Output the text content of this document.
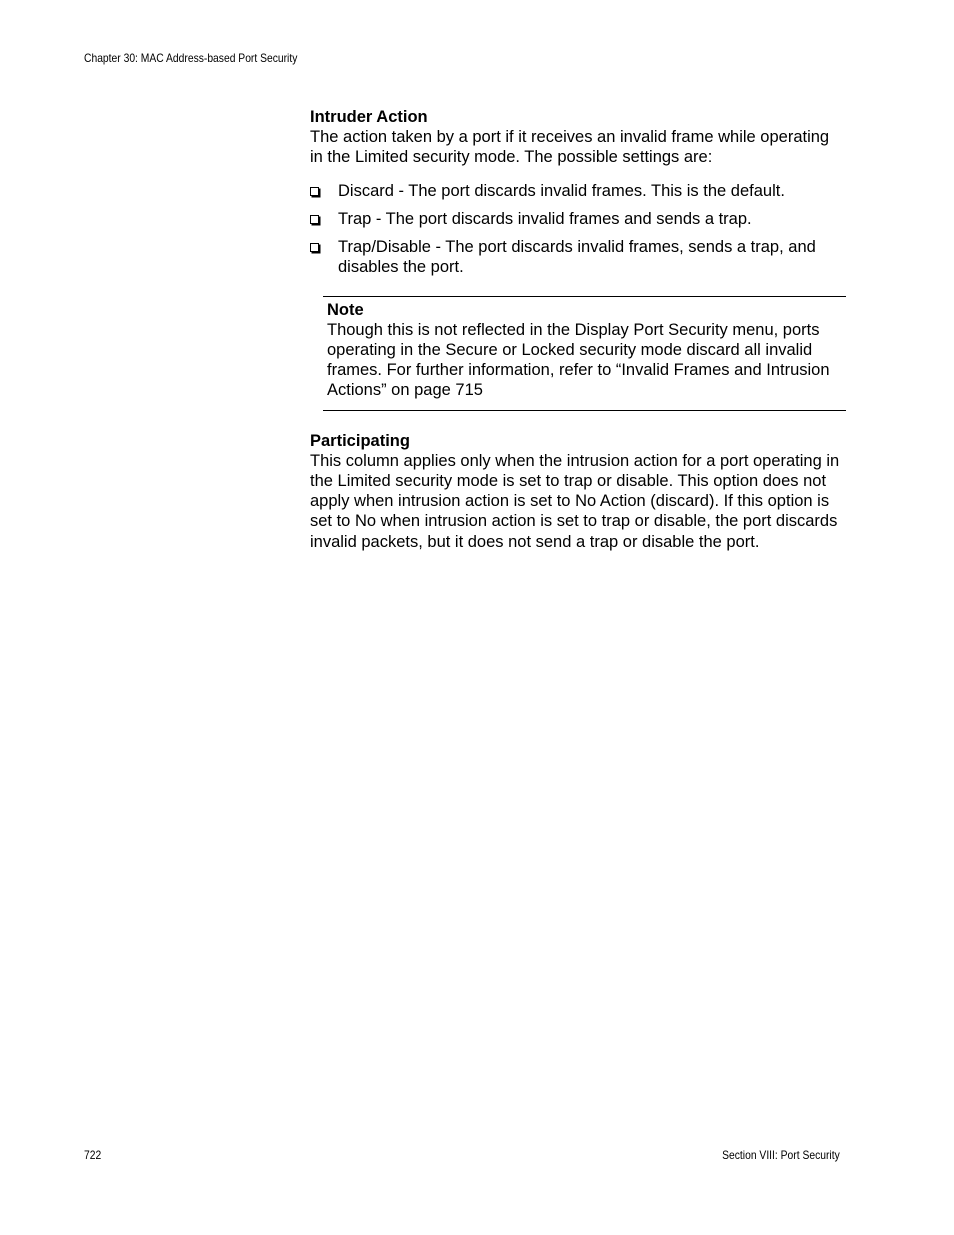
Chapter 30: MAC Address-based Port Security

Intruder Action

The action taken by a port if it receives an invalid frame while operating in the Limited security mode. The possible settings are:

Discard - The port discards invalid frames. This is the default.
Trap - The port discards invalid frames and sends a trap.
Trap/Disable - The port discards invalid frames, sends a trap, and disables the port.
Note
Though this is not reflected in the Display Port Security menu, ports operating in the Secure or Locked security mode discard all invalid frames. For further information, refer to “Invalid Frames and Intrusion Actions” on page 715

Participating

This column applies only when the intrusion action for a port operating in the Limited security mode is set to trap or disable. This option does not apply when intrusion action is set to No Action (discard). If this option is set to No when intrusion action is set to trap or disable, the port discards invalid packets, but it does not send a trap or disable the port.

722	Section VIII: Port Security
